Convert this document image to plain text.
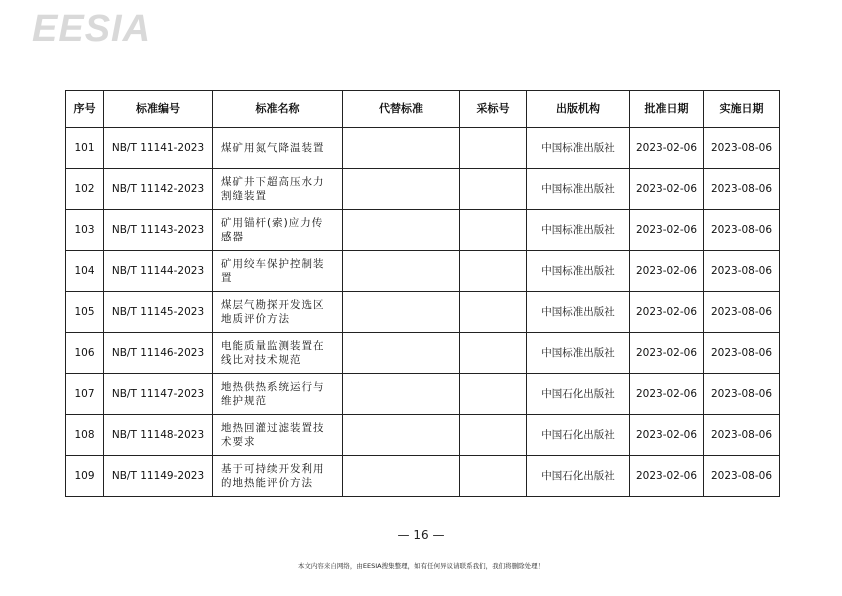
EESIA
序号	标准编号	标准名称	代替标准	采标号	出版机构	批准日期	实施日期
101	NB/T 11141-2023	煤矿用氮气降温装置			中国标准出版社	2023-02-06	2023-08-06
102	NB/T 11142-2023	煤矿井下超高压水力割缝装置			中国标准出版社	2023-02-06	2023-08-06
103	NB/T 11143-2023	矿用锚杆(索)应力传感器			中国标准出版社	2023-02-06	2023-08-06
104	NB/T 11144-2023	矿用绞车保护控制装置			中国标准出版社	2023-02-06	2023-08-06
105	NB/T 11145-2023	煤层气勘探开发选区地质评价方法			中国标准出版社	2023-02-06	2023-08-06
106	NB/T 11146-2023	电能质量监测装置在线比对技术规范			中国标准出版社	2023-02-06	2023-08-06
107	NB/T 11147-2023	地热供热系统运行与维护规范			中国石化出版社	2023-02-06	2023-08-06
108	NB/T 11148-2023	地热回灌过滤装置技术要求			中国石化出版社	2023-02-06	2023-08-06
109	NB/T 11149-2023	基于可持续开发利用的地热能评价方法			中国石化出版社	2023-02-06	2023-08-06
— 16 —
本文内容来自网络，由EESIA搜集整理，如有任何异议请联系我们，我们将删除处理！
